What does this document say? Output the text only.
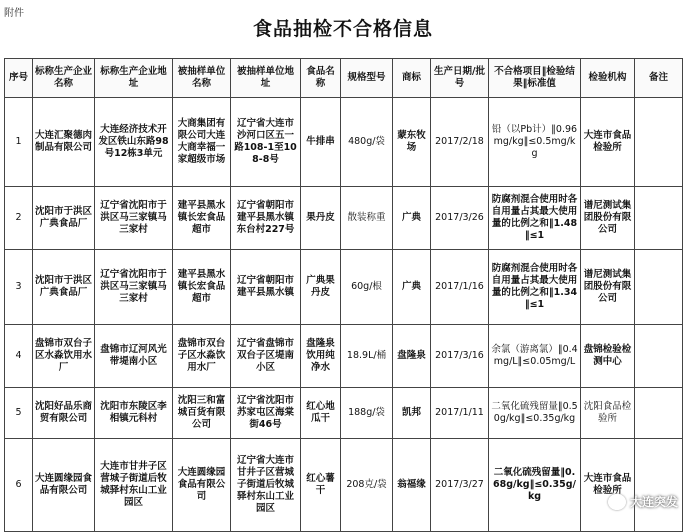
附件
食品抽检不合格信息
序号	标称生产企业名称	标称生产企业地址	被抽样单位名称	被抽样单位地址	食品名称	规格型号	商标	生产日期/批号	不合格项目‖检验结果‖标准值	检验机构	备注
1	大连汇聚德肉制品有限公司	大连经济技术开发区铁山东路98号12栋3单元	大商集团有限公司大连大商幸福一家超级市场	辽宁省大连市沙河口区五一路108-1至108-8号	牛排串	480g/袋	蒙东牧场	2017/2/18	铅（以Pb计）‖0.96mg/kg‖≤0.5mg/kg	大连市食品检验所	
2	沈阳市于洪区广典食品厂	辽宁省沈阳市于洪区马三家镇马三家村	建平县黑水镇长宏食品超市	辽宁省朝阳市建平县黑水镇东台村227号	果丹皮	散装称重	广典	2017/3/26	防腐剂混合使用时各自用量占其最大使用量的比例之和‖1.48‖≤1	谱尼测试集团股份有限公司	
3	沈阳市于洪区广典食品厂	辽宁省沈阳市于洪区马三家镇马三家村	建平县黑水镇长宏食品超市	辽宁省朝阳市建平县黑水镇	广典果丹皮	60g/根	广典	2017/1/16	防腐剂混合使用时各自用量占其最大使用量的比例之和‖1.34‖≤1	谱尼测试集团股份有限公司	
4	盘锦市双台子区水淼饮用水厂	盘锦市辽河风光带堤南小区	盘锦市双台子区水淼饮用水厂	辽宁省盘锦市双台子区堤南小区	盘隆泉饮用纯净水	18.9L/桶	盘隆泉	2017/3/16	余氯（游离氯）‖0.4mg/L‖≤0.05mg/L	盘锦检验检测中心	
5	沈阳好品乐商贸有限公司	沈阳市东陵区李相镇元科村	沈阳三和富城百货有限公司	辽宁省沈阳市苏家屯区海棠街46号	红心地瓜干	188g/袋	凯邦	2017/1/11	二氧化硫残留量‖0.50g/kg‖≤0.35g/kg	沈阳食品检验所	
6	大连圆缘园食品有限公司	大连市甘井子区营城子街道后牧城驿村东山工业园区	大连圆缘园食品有限公司	辽宁省大连市甘井子区营城子街道后牧城驿村东山工业园区	红心薯干	208克/袋	翁福缘	2017/3/27	二氧化硫残留量‖0.68g/kg‖≤0.35g/kg	大连市食品检验所	
大连突发
